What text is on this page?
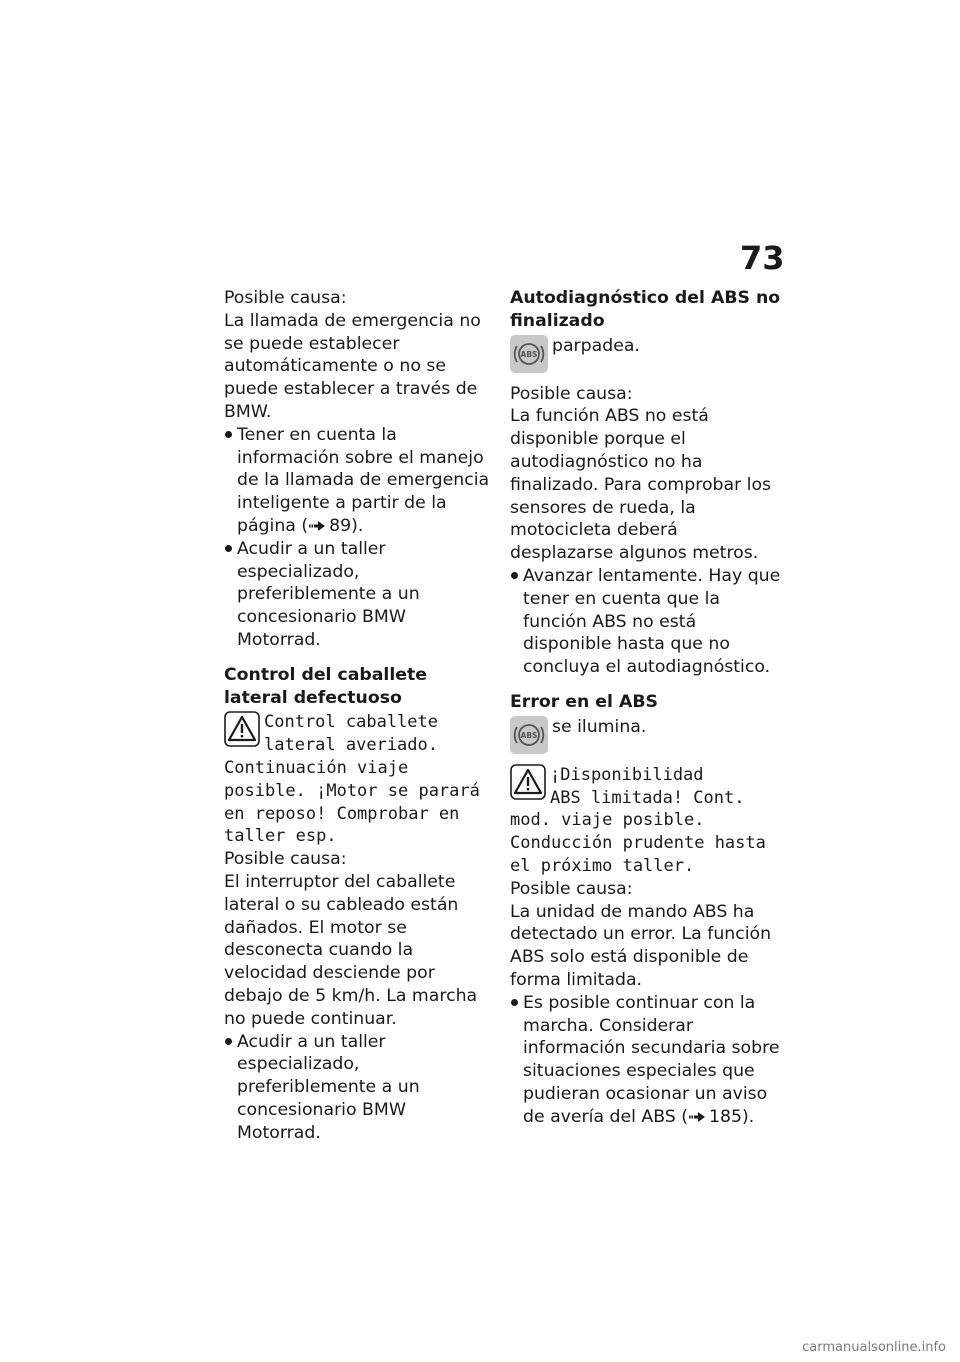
73

Posible causa:

La llamada de emergencia no se puede establecer automáticamente o no se puede establecer a través de BMW.

Tener en cuenta la información sobre el manejo de la llamada de emergencia inteligente a partir de la página ( 89).
Acudir a un taller especializado, preferiblemente a un concesionario BMW Motorrad.

Control del caballete lateral defectuoso

Control caballete
lateral averiado.
Continuación viaje posible. ¡Motor se parará en reposo! Comprobar en taller esp.

Posible causa:

El interruptor del caballete lateral o su cableado están dañados. El motor se desconecta cuando la velocidad desciende por debajo de 5 km/h. La marcha no puede continuar.

Acudir a un taller especializado, preferiblemente a un concesionario BMW Motorrad.

Autodiagnóstico del ABS no finalizado

ABS parpadea.

Posible causa:

La función ABS no está disponible porque el autodiagnóstico no ha finalizado. Para comprobar los sensores de rueda, la motocicleta deberá desplazarse algunos metros.

Avanzar lentamente. Hay que tener en cuenta que la función ABS no está disponible hasta que no concluya el autodiagnóstico.

Error en el ABS

ABS se ilumina.
¡Disponibilidad
ABS limitada! Cont.
mod. viaje posible. Conducción prudente hasta el próximo taller.

Posible causa:

La unidad de mando ABS ha detectado un error. La función ABS solo está disponible de forma limitada.

Es posible continuar con la marcha. Considerar información secundaria sobre situaciones especiales que pudieran ocasionar un aviso de avería del ABS ( 185).
carmanualsonline.info
